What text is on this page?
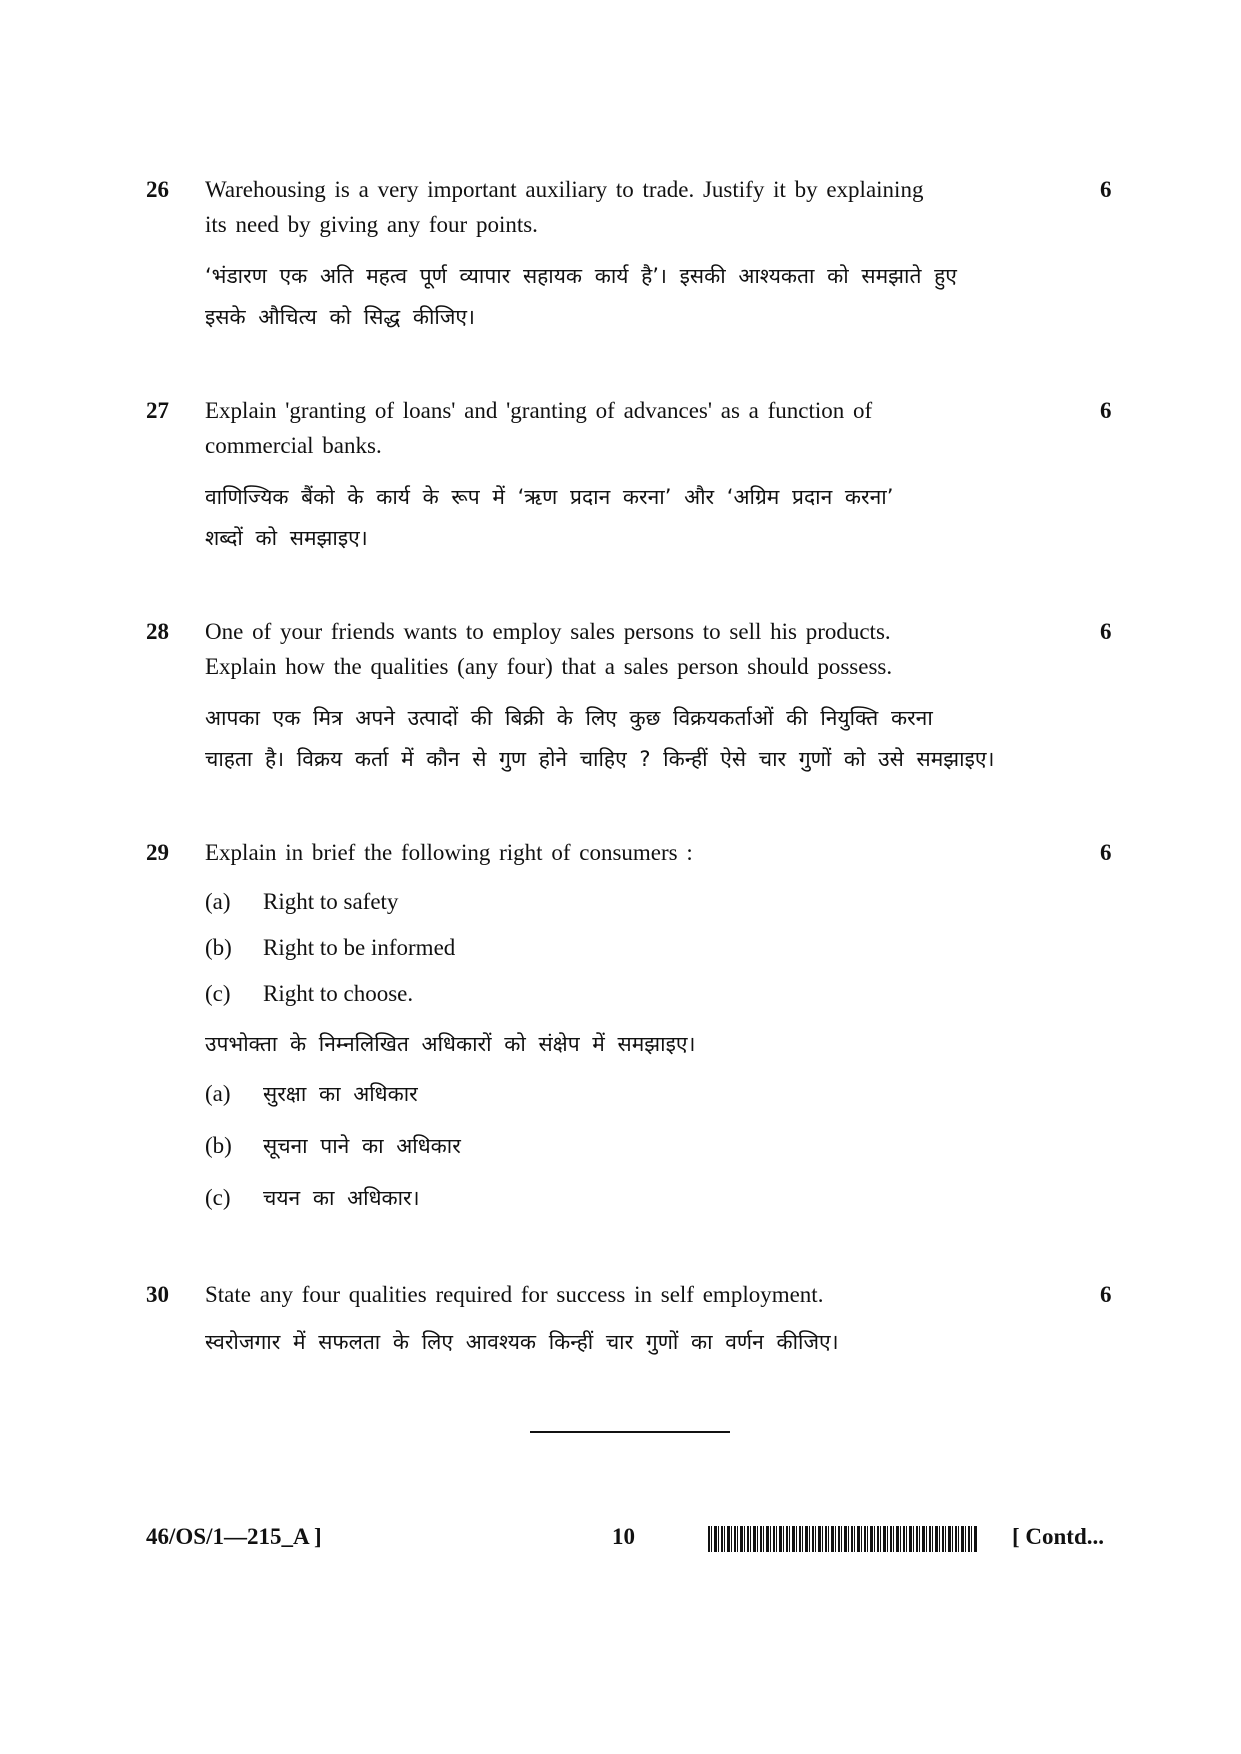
26	6
Warehousing is a very important auxiliary to trade. Justify it by explaining
its need by giving any four points.
‘भंडारण एक अति महत्व पूर्ण व्यापार सहायक कार्य है’। इसकी आश्यकता को समझाते हुए
इसके औचित्य को सिद्ध कीजिए।
27	6
Explain 'granting of loans' and 'granting of advances' as a function of
commercial banks.
वाणिज्यिक बैंको के कार्य के रूप में ‘ऋण प्रदान करना’ और ‘अग्रिम प्रदान करना’
शब्दों को समझाइए।
28	6
One of your friends wants to employ sales persons to sell his products.
Explain how the qualities (any four) that a sales person should possess.
आपका एक मित्र अपने उत्पादों की बिक्री के लिए कुछ विक्रयकर्ताओं की नियुक्ति करना
चाहता है। विक्रय कर्ता में कौन से गुण होने चाहिए ? किन्हीं ऐसे चार गुणों को उसे समझाइए।
29	6
Explain in brief the following right of consumers :
(a) Right to safety
(b) Right to be informed
(c) Right to choose.
उपभोक्ता के निम्नलिखित अधिकारों को संक्षेप में समझाइए।
(a) सुरक्षा का अधिकार
(b) सूचना पाने का अधिकार
(c) चयन का अधिकार।
30	6
State any four qualities required for success in self employment.
स्वरोजगार में सफलता के लिए आवश्यक किन्हीं चार गुणों का वर्णन कीजिए।
46/OS/1—215_A ]	10	[ Contd...
